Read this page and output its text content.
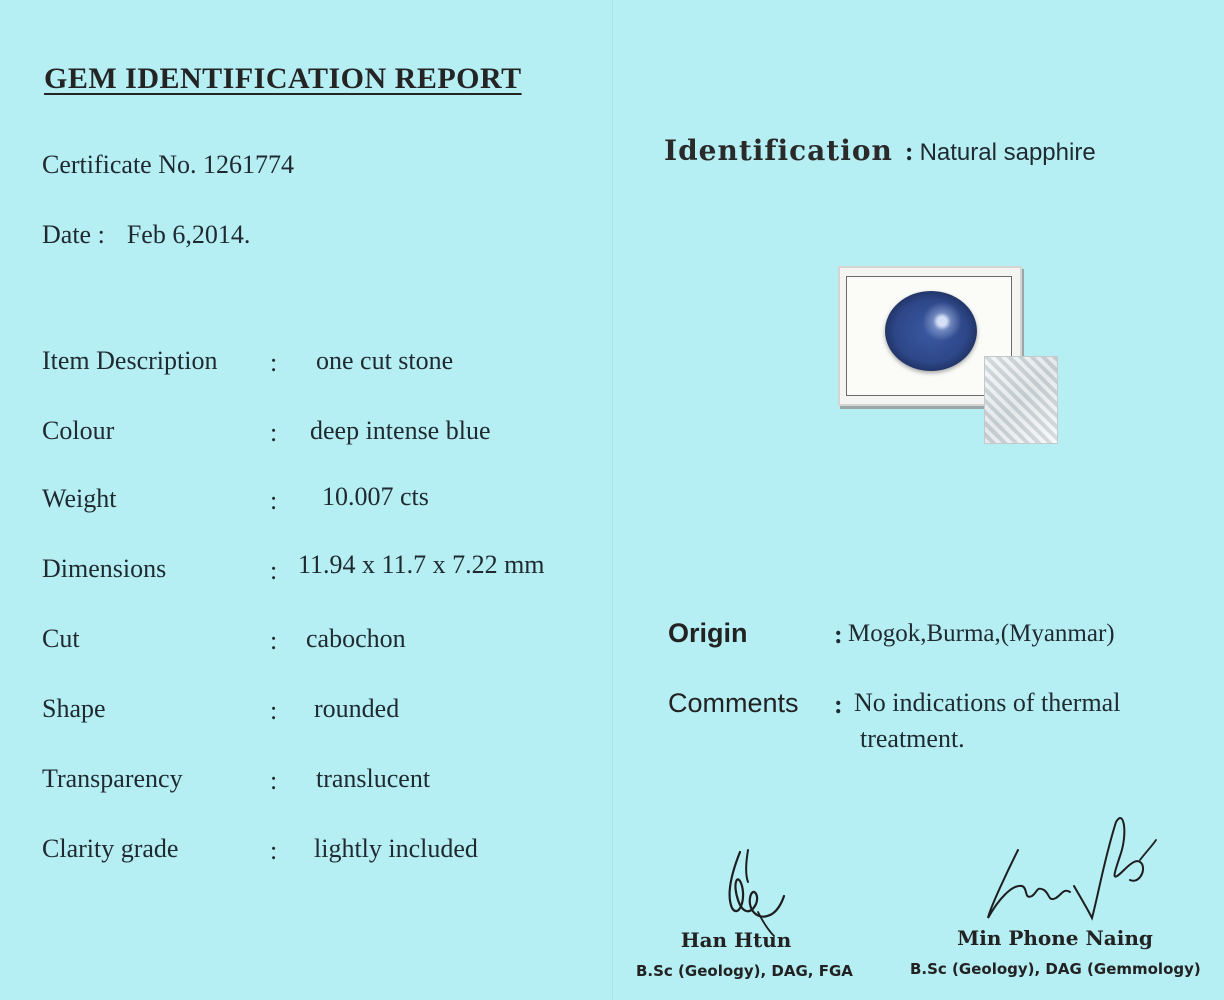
GEM IDENTIFICATION REPORT
Certificate No. 1261774
Date : Feb 6,2014.
Item Description : one cut stone
Colour	: deep intense blue
Weight	: 10.007 cts
Dimensions	: 11.94 x 11.7 x 7.22 mm
Cut	: cabochon
Shape	: rounded
Transparency	: translucent
Clarity grade	: lightly included
Identification : Natural sapphire
Origin	: Mogok,Burma,(Myanmar)
Comments : No indications of thermal
treatment.
Han Htun
B.Sc (Geology), DAG, FGA
Min Phone Naing
B.Sc (Geology), DAG (Gemmology)
